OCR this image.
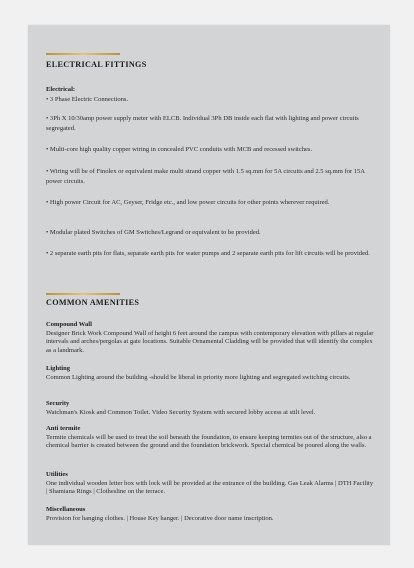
ELECTRICAL FITTINGS
Electrical:
• 3 Phase Electric Connections.
• 3Ph X 10/30amp power supply meter with ELCB. Individual 3Ph DB inside each flat with lighting and power circuits segregated.
• Multi-core high quality copper wiring in concealed PVC conduits with MCB and recessed switches.
• Wiring will be of Finolex or equivalent make multi strand copper with 1.5 sq.mm for 5A circuits and 2.5 sq.mm for 15A power circuits.
• High power Circuit for AC, Geyser, Fridge etc., and low power circuits for other points wherever required.
• Modular plated Switches of GM Switches/Legrand or equivalent to be provided.
• 2 separate earth pits for flats, separate earth pits for water pumps and 2 separate earth pits for lift circuits will be provided.
COMMON AMENITIES
Compound Wall
Designer Brick Work Compound Wall of height 6 feet around the campus with contemporary elevation with pillars at regular intervals and arches/pergolas at gate locations. Suitable Ornamental Cladding will be provided that will identify the complex as a landmark.
Lighting
Common Lighting around the building -should be liberal in priority more lighting and segregated switching circuits.
Security
Watchman's Kiosk and Common Toilet. Video Security System with secured lobby access at stilt level.
Anti termite
Termite chemicals will be used to treat the soil beneath the foundation, to ensure keeping termites out of the structure, also a chemical barrier is created between the ground and the foundation brickwork. Special chemical be poured along the walls.
Utilities
One individual wooden letter box with lock will be provided at the entrance of the building. Gas Leak Alarms | DTH Facility | Shamiana Rings | Clothesline on the terrace.
Miscellaneous
Provision for hanging clothes. | House Key hanger. | Decorative door name inscription.
